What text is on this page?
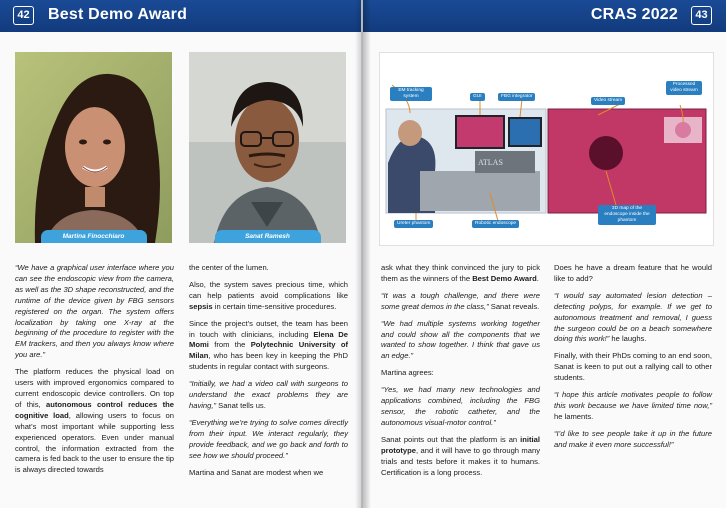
42 Best Demo Award
Martina Finocchiaro	Sanat Ramesh

“We have a graphical user interface where you can see the endoscopic view from the camera, as well as the 3D shape reconstructed, and the runtime of the device given by FBG sensors registered on the organ. The system offers localization by taking one X-ray at the beginning of the procedure to register with the EM trackers, and then you always know where you are.”

The platform reduces the physical load on users with improved ergonomics compared to current endoscopic device controllers. On top of this, autonomous control reduces the cognitive load, allowing users to focus on what’s most important while supporting less experienced operators. Even under manual control, the information extracted from the camera is fed back to the user to ensure the tip is always directed towards

the center of the lumen.

Also, the system saves precious time, which can help patients avoid complications like sepsis in certain time-sensitive procedures.

Since the project’s outset, the team has been in touch with clinicians, including Elena De Momi from the Polytechnic University of Milan, who has been key in keeping the PhD students in regular contact with surgeons.

“Initially, we had a video call with surgeons to understand the exact problems they are having,” Sanat tells us.

“Everything we’re trying to solve comes directly from their input. We interact regularly, they provide feedback, and we go back and forth to see how we should proceed.”

Martina and Sanat are modest when we

CRAS 2022	43
ATLAS
EM tracking system	GUI	FBG integrator
Video stream
Processed video stream
Ureter phantom	Robotic endoscope
3D map of the endoscope inside the phantom

ask what they think convinced the jury to pick them as the winners of the Best Demo Award.

“It was a tough challenge, and there were some great demos in the class,” Sanat reveals.

“We had multiple systems working together and could show all the components that we wanted to show together. I think that gave us an edge.”

Martina agrees:

“Yes, we had many new technologies and applications combined, including the FBG sensor, the robotic catheter, and the autonomous visual-motor control.”

Sanat points out that the platform is an initial prototype, and it will have to go through many trials and tests before it makes it to humans. Certification is a long process.

Does he have a dream feature that he would like to add?

“I would say automated lesion detection – detecting polyps, for example. If we get to autonomous treatment and removal, I guess the surgeon could be on a beach somewhere doing this work!” he laughs.

Finally, with their PhDs coming to an end soon, Sanat is keen to put out a rallying call to other students.

“I hope this article motivates people to follow this work because we have limited time now,” he laments.

“I’d like to see people take it up in the future and make it even more successful!”
